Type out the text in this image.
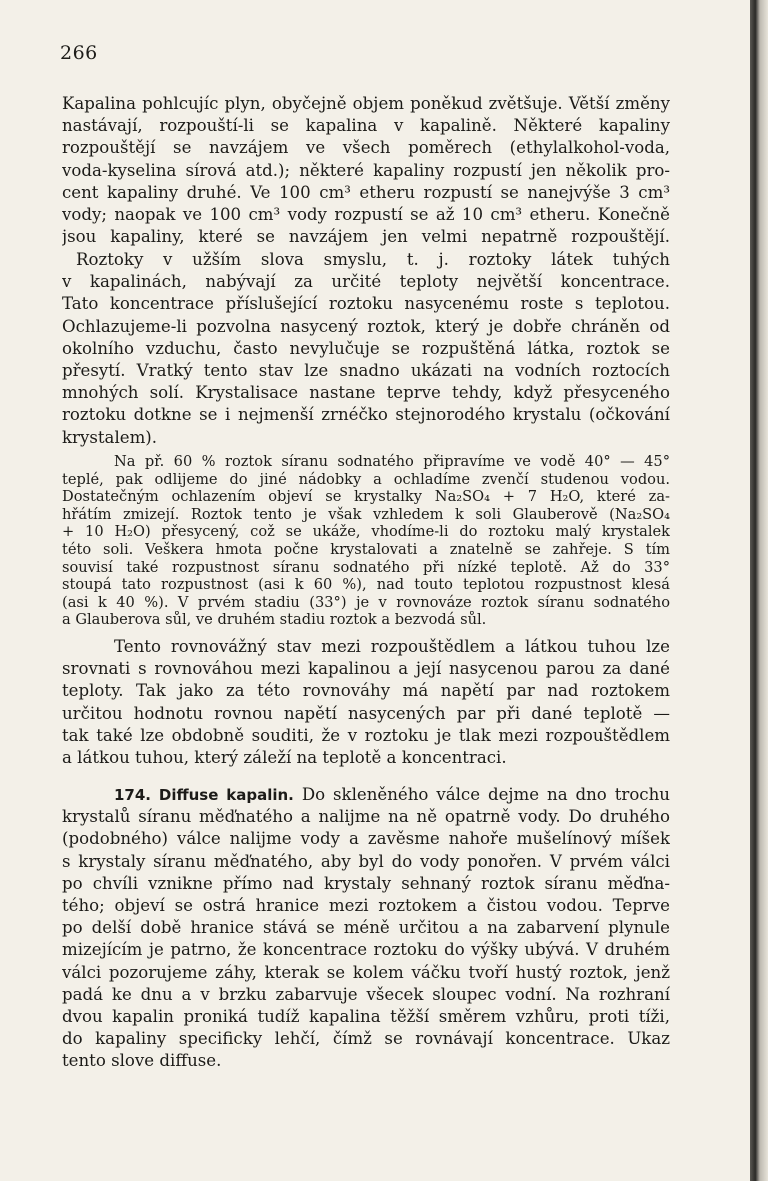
266
Kapalina pohlcujíc plyn, obyčejně objem poněkud zvětšuje. Větší změny
nastávají, rozpouští-li se kapalina v kapalině. Některé kapaliny
rozpouštějí se navzájem ve všech poměrech (ethylalkohol-voda,
voda-kyselina sírová atd.); některé kapaliny rozpustí jen několik pro-
cent kapaliny druhé. Ve 100 cm³ etheru rozpustí se nanejvýše 3 cm³
vody; naopak ve 100 cm³ vody rozpustí se až 10 cm³ etheru. Konečně
jsou kapaliny, které se navzájem jen velmi nepatrně rozpouštějí.
Roztoky v užším slova smyslu, t. j. roztoky látek tuhých
v kapalinách, nabývají za určité teploty největší koncentrace.
Tato koncentrace příslušející roztoku nasycenému roste s teplotou.
Ochlazujeme-li pozvolna nasycený roztok, který je dobře chráněn od
okolního vzduchu, často nevylučuje se rozpuštěná látka, roztok se
přesytí. Vratký tento stav lze snadno ukázati na vodních roztocích
mnohých solí. Krystalisace nastane teprve tehdy, když přesyceného
roztoku dotkne se i nejmenší zrnéčko stejnorodého krystalu (očkování
krystalem).
Na př. 60 % roztok síranu sodnatého připravíme ve vodě 40° — 45°
teplé, pak odlijeme do jiné nádobky a ochladíme zvenčí studenou vodou.
Dostatečným ochlazením objeví se krystalky Na₂SO₄ + 7 H₂O, které za-
hřátím zmizejí. Roztok tento je však vzhledem k soli Glauberově (Na₂SO₄
+ 10 H₂O) přesycený, což se ukáže, vhodíme-li do roztoku malý krystalek
této soli. Veškera hmota počne krystalovati a znatelně se zahřeje. S tím
souvisí také rozpustnost síranu sodnatého při nízké teplotě. Až do 33°
stoupá tato rozpustnost (asi k 60 %), nad touto teplotou rozpustnost klesá
(asi k 40 %). V prvém stadiu (33°) je v rovnováze roztok síranu sodnatého
a Glauberova sůl, ve druhém stadiu roztok a bezvodá sůl.
Tento rovnovážný stav mezi rozpouštědlem a látkou tuhou lze
srovnati s rovnováhou mezi kapalinou a její nasycenou parou za dané
teploty. Tak jako za této rovnováhy má napětí par nad roztokem
určitou hodnotu rovnou napětí nasycených par při dané teplotě —
tak také lze obdobně souditi, že v roztoku je tlak mezi rozpouštědlem
a látkou tuhou, který záleží na teplotě a koncentraci.
174. Diffuse kapalin. Do skleněného válce dejme na dno trochu
krystalů síranu měďnatého a nalijme na ně opatrně vody. Do druhého
(podobného) válce nalijme vody a zavěsme nahoře mušelínový míšek
s krystaly síranu měďnatého, aby byl do vody ponořen. V prvém válci
po chvíli vznikne přímo nad krystaly sehnaný roztok síranu měďna-
tého; objeví se ostrá hranice mezi roztokem a čistou vodou. Teprve
po delší době hranice stává se méně určitou a na zabarvení plynule
mizejícím je patrno, že koncentrace roztoku do výšky ubývá. V druhém
válci pozorujeme záhy, kterak se kolem váčku tvoří hustý roztok, jenž
padá ke dnu a v brzku zabarvuje všecek sloupec vodní. Na rozhraní
dvou kapalin proniká tudíž kapalina těžší směrem vzhůru, proti tíži,
do kapaliny specificky lehčí, čímž se rovnávají koncentrace. Ukaz
tento slove diffuse.
